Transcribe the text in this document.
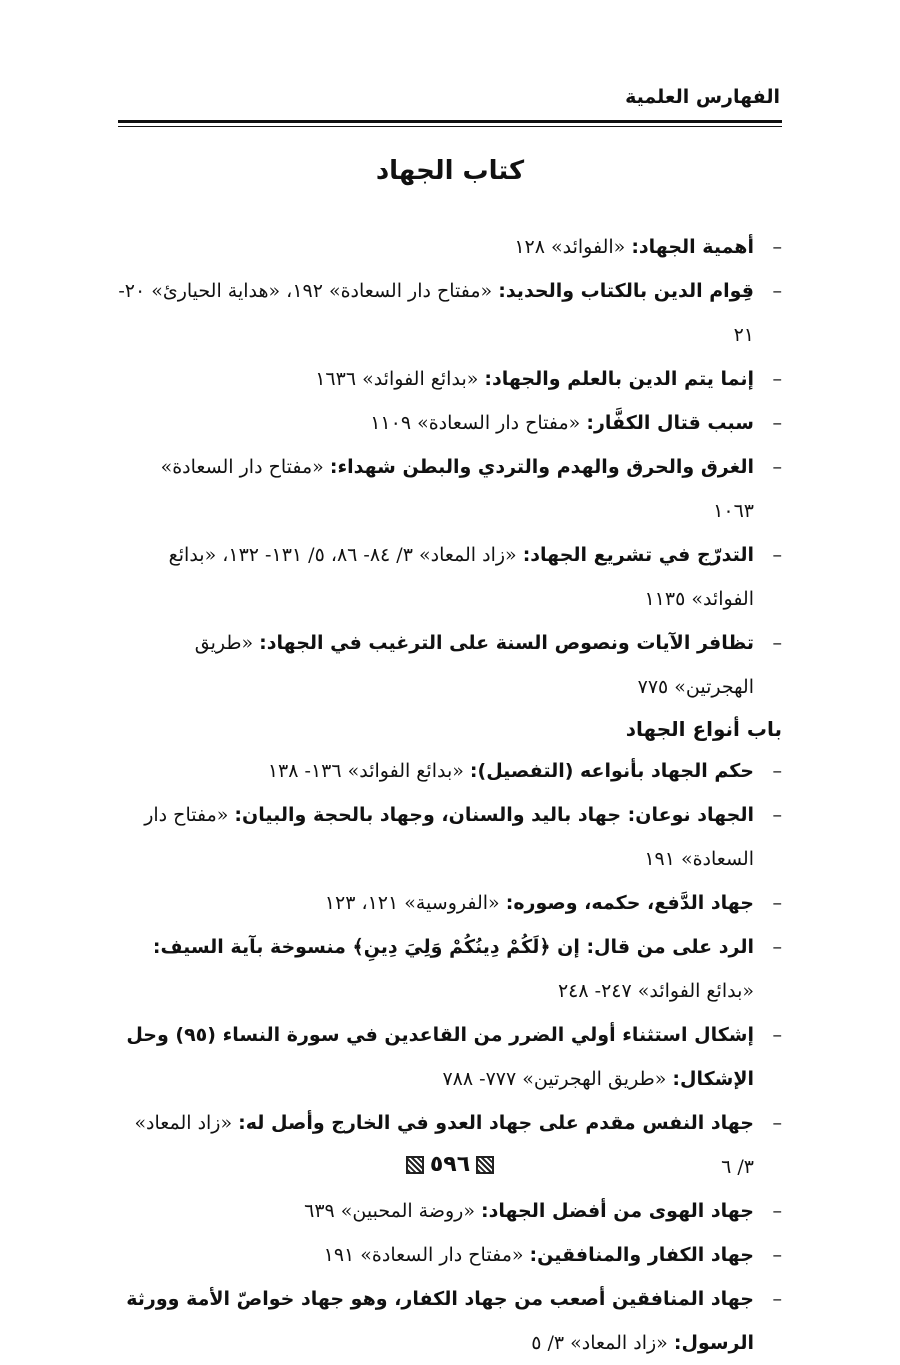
الفهارس العلمية
كتاب الجهاد
–
أهمية الجهاد: «الفوائد» ١٢٨
–
قِوام الدين بالكتاب والحديد: «مفتاح دار السعادة» ١٩٢، «هداية الحيارئ» ٢٠- ٢١
–
إنما يتم الدين بالعلم والجهاد: «بدائع الفوائد» ١٦٣٦
–
سبب قتال الكفَّار: «مفتاح دار السعادة» ١١٠٩
–
الغرق والحرق والهدم والتردي والبطن شهداء: «مفتاح دار السعادة» ١٠٦٣
–
التدرّج في تشريع الجهاد: «زاد المعاد» ٣/ ٨٤- ٨٦، ٥/ ١٣١- ١٣٢، «بدائع الفوائد» ١١٣٥
–
تظافر الآيات ونصوص السنة على الترغيب في الجهاد: «طريق الهجرتين» ٧٧٥
باب أنواع الجهاد
–
حكم الجهاد بأنواعه (التفصيل): «بدائع الفوائد» ١٣٦- ١٣٨
–
الجهاد نوعان: جهاد باليد والسنان، وجهاد بالحجة والبيان: «مفتاح دار السعادة» ١٩١
–
جهاد الدَّفع، حكمه، وصوره: «الفروسية» ١٢١، ١٢٣
–
الرد على من قال: إن ﴿لَكُمْ دِينُكُمْ وَلِيَ دِينِ﴾ منسوخة بآية السيف: «بدائع الفوائد» ٢٤٧- ٢٤٨
–
إشكال استثناء أولي الضرر من القاعدين في سورة النساء (٩٥) وحل الإشكال: «طريق الهجرتين» ٧٧٧- ٧٨٨
–
جهاد النفس مقدم على جهاد العدو في الخارج وأصل له: «زاد المعاد» ٣/ ٦
–
جهاد الهوى من أفضل الجهاد: «روضة المحبين» ٦٣٩
–
جهاد الكفار والمنافقين: «مفتاح دار السعادة» ١٩١
–
جهاد المنافقين أصعب من جهاد الكفار، وهو جهاد خواصّ الأمة وورثة الرسول: «زاد المعاد» ٣/ ٥
٥٩٦
